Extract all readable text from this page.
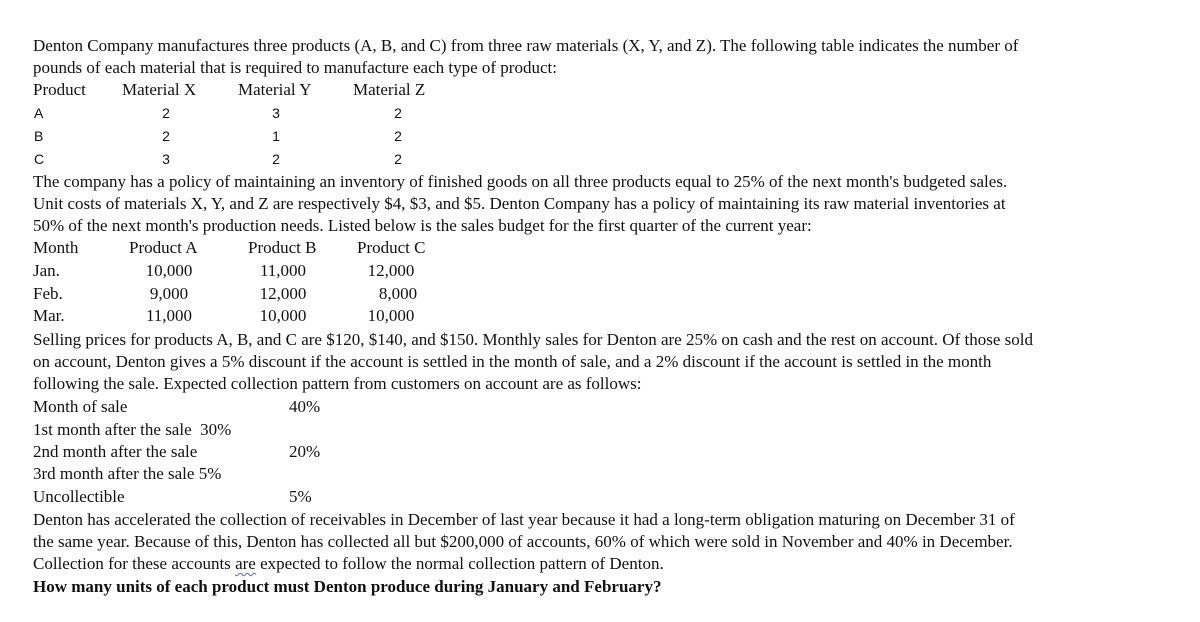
Denton Company manufactures three products (A, B, and C) from three raw materials (X, Y, and Z). The following table indicates the number of
pounds of each material that is required to manufacture each type of product:
Product Material X Material Y Material Z
A	2	3	2
B	2	1	2
C	3	2	2
The company has a policy of maintaining an inventory of finished goods on all three products equal to 25% of the next month's budgeted sales.
Unit costs of materials X, Y, and Z are respectively $4, $3, and $5. Denton Company has a policy of maintaining its raw material inventories at
50% of the next month's production needs. Listed below is the sales budget for the first quarter of the current year:
Month	Product A	Product B Product C
Jan.	10,000	11,000	12,000
Feb.	9,000	12,000	8,000
Mar.	11,000	10,000	10,000
Selling prices for products A, B, and C are $120, $140, and $150. Monthly sales for Denton are 25% on cash and the rest on account. Of those sold
on account, Denton gives a 5% discount if the account is settled in the month of sale, and a 2% discount if the account is settled in the month
following the sale. Expected collection pattern from customers on account are as follows:
Month of sale	40%
1st month after the sale  30%
2nd month after the sale	20%
3rd month after the sale 5%
Uncollectible	5%
Denton has accelerated the collection of receivables in December of last year because it had a long-term obligation maturing on December 31 of
the same year. Because of this, Denton has collected all but $200,000 of accounts, 60% of which were sold in November and 40% in December.
Collection for these accounts are expected to follow the normal collection pattern of Denton.
How many units of each product must Denton produce during January and February?
